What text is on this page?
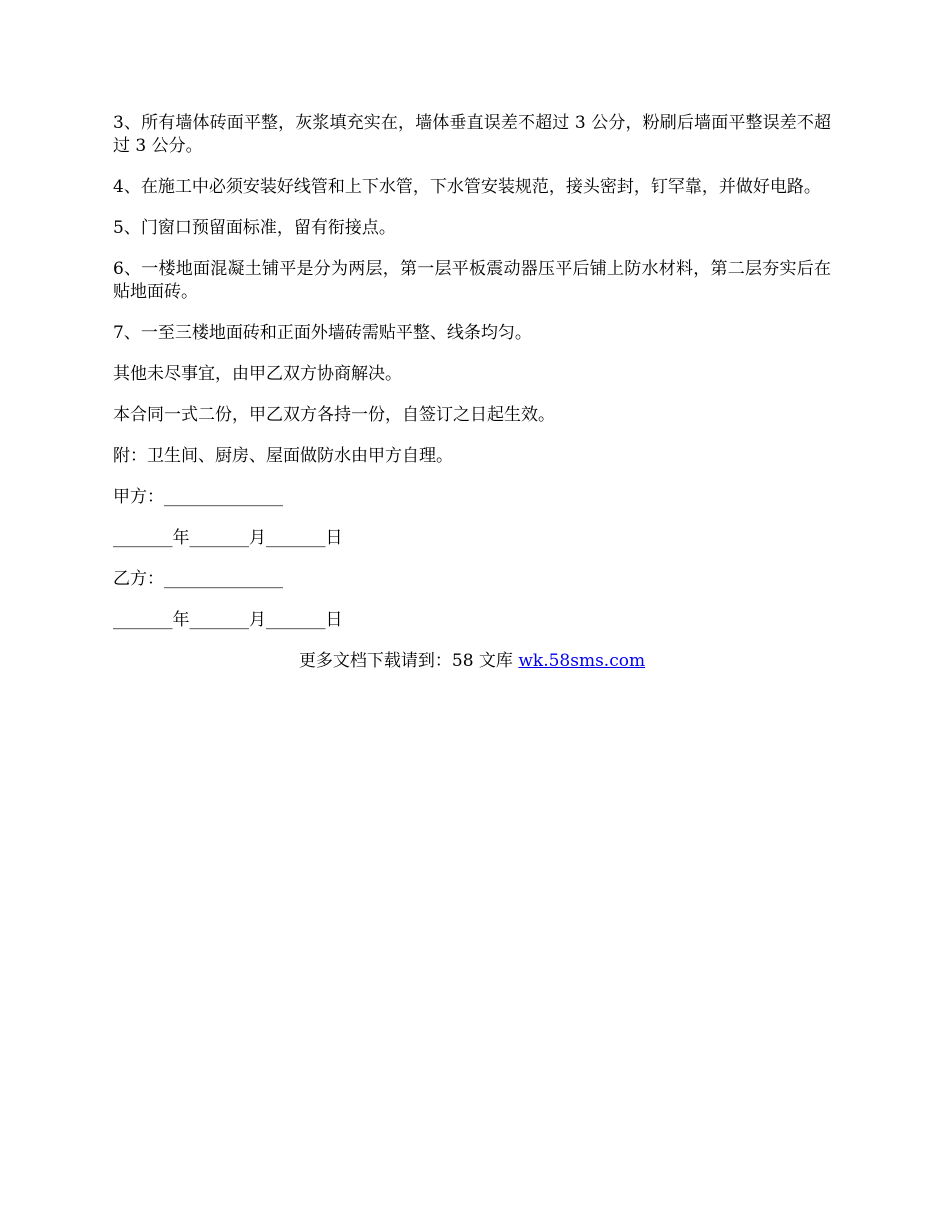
3、所有墙体砖面平整，灰浆填充实在，墙体垂直误差不超过 3 公分，粉刷后墙面平整误差不超过 3 公分。

4、在施工中必须安装好线管和上下水管，下水管安装规范，接头密封，钉罕靠，并做好电路。

5、门窗口预留面标准，留有衔接点。

6、一楼地面混凝土铺平是分为两层，第一层平板震动器压平后铺上防水材料，第二层夯实后在贴地面砖。

7、一至三楼地面砖和正面外墙砖需贴平整、线条均匀。

其他未尽事宜，由甲乙双方协商解决。

本合同一式二份，甲乙双方各持一份，自签订之日起生效。

附：卫生间、厨房、屋面做防水由甲方自理。

甲方：______________

_______年_______月_______日

乙方：______________

_______年_______月_______日

更多文档下载请到：58 文库 wk.58sms.com
